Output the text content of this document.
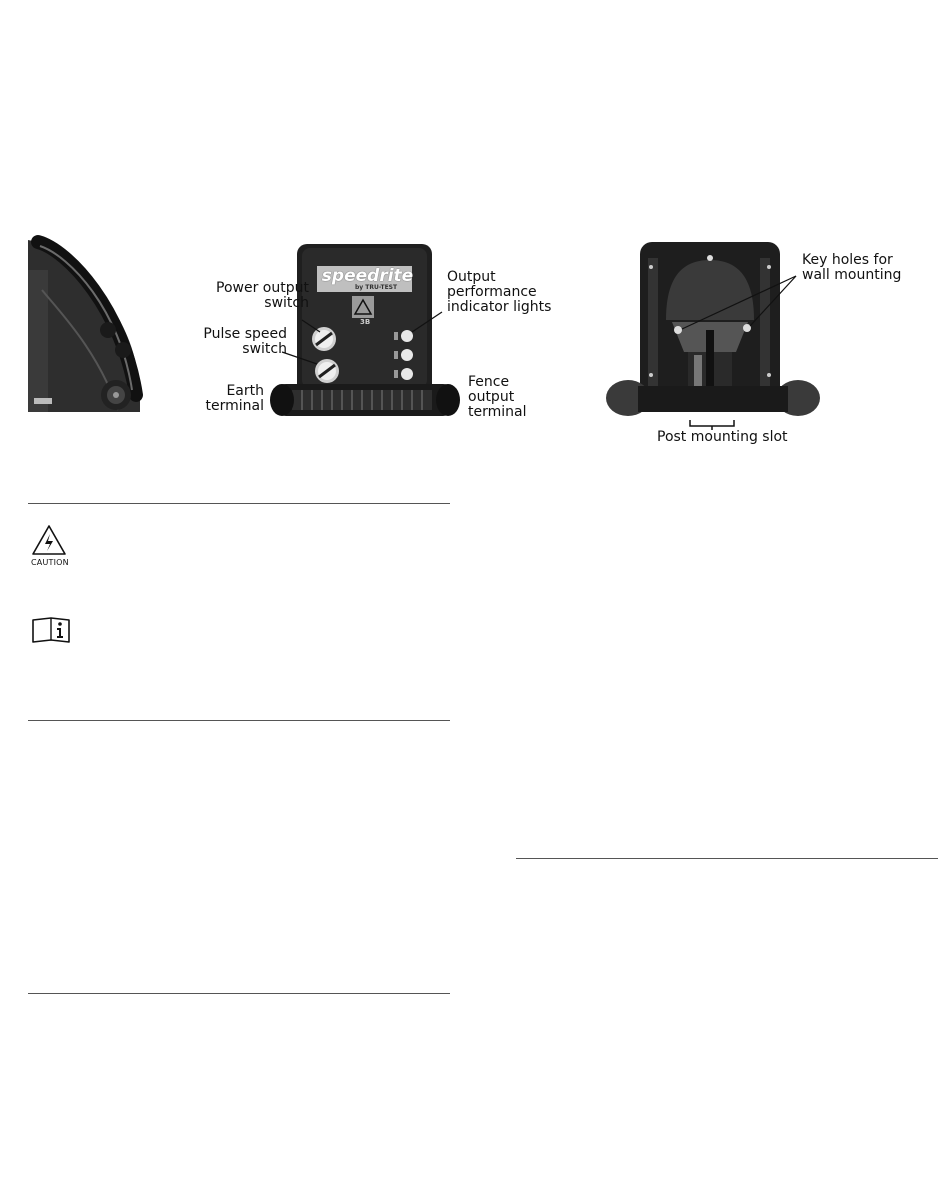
speedrite
by TRU-TEST
3B
Power output
switch
Pulse speed
switch
Earth
terminal
Output
performance
indicator lights
Fence
output
terminal
Key holes for
wall mounting
Post mounting slot
CAUTION
